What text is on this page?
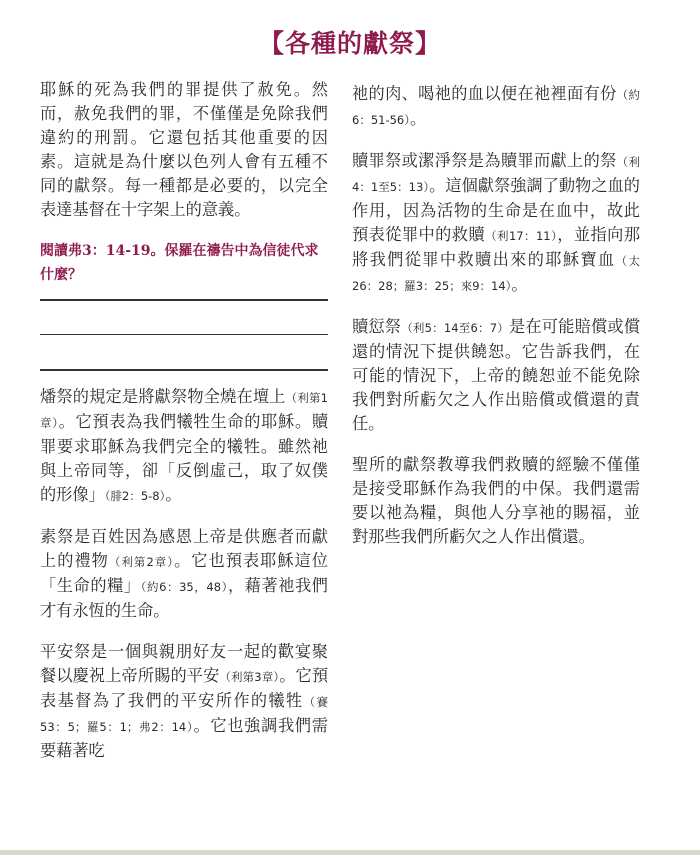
【各種的獻祭】

耶穌的死為我們的罪提供了赦免。然而，赦免我們的罪，不僅僅是免除我們違約的刑罰。它還包括其他重要的因素。這就是為什麼以色列人會有五種不同的獻祭。每一種都是必要的，以完全表達基督在十字架上的意義。

閱讀弗3：14-19。保羅在禱告中為信徒代求什麼？

燔祭的規定是將獻祭物全燒在壇上（利第1章）。它預表為我們犧牲生命的耶穌。贖罪要求耶穌為我們完全的犧牲。雖然祂與上帝同等，卻「反倒虛己，取了奴僕的形像」（腓2：5-8）。

素祭是百姓因為感恩上帝是供應者而獻上的禮物（利第2章）。它也預表耶穌這位「生命的糧」（約6：35，48），藉著祂我們才有永恆的生命。

平安祭是一個與親朋好友一起的歡宴聚餐以慶祝上帝所賜的平安（利第3章）。它預表基督為了我們的平安所作的犧牲（賽53：5；羅5：1；弗2：14）。它也強調我們需要藉著吃

祂的肉、喝祂的血以便在祂裡面有份（約6：51-56）。

贖罪祭或潔淨祭是為贖罪而獻上的祭（利4：1至5：13）。這個獻祭強調了動物之血的作用，因為活物的生命是在血中，故此預表從罪中的救贖（利17：11），並指向那將我們從罪中救贖出來的耶穌寶血（太26：28；羅3：25；來9：14）。

贖愆祭（利5：14至6：7）是在可能賠償或償還的情況下提供饒恕。它告訴我們，在可能的情況下，上帝的饒恕並不能免除我們對所虧欠之人作出賠償或償還的責任。

聖所的獻祭教導我們救贖的經驗不僅僅是接受耶穌作為我們的中保。我們還需要以祂為糧，與他人分享祂的賜福，並對那些我們所虧欠之人作出償還。
